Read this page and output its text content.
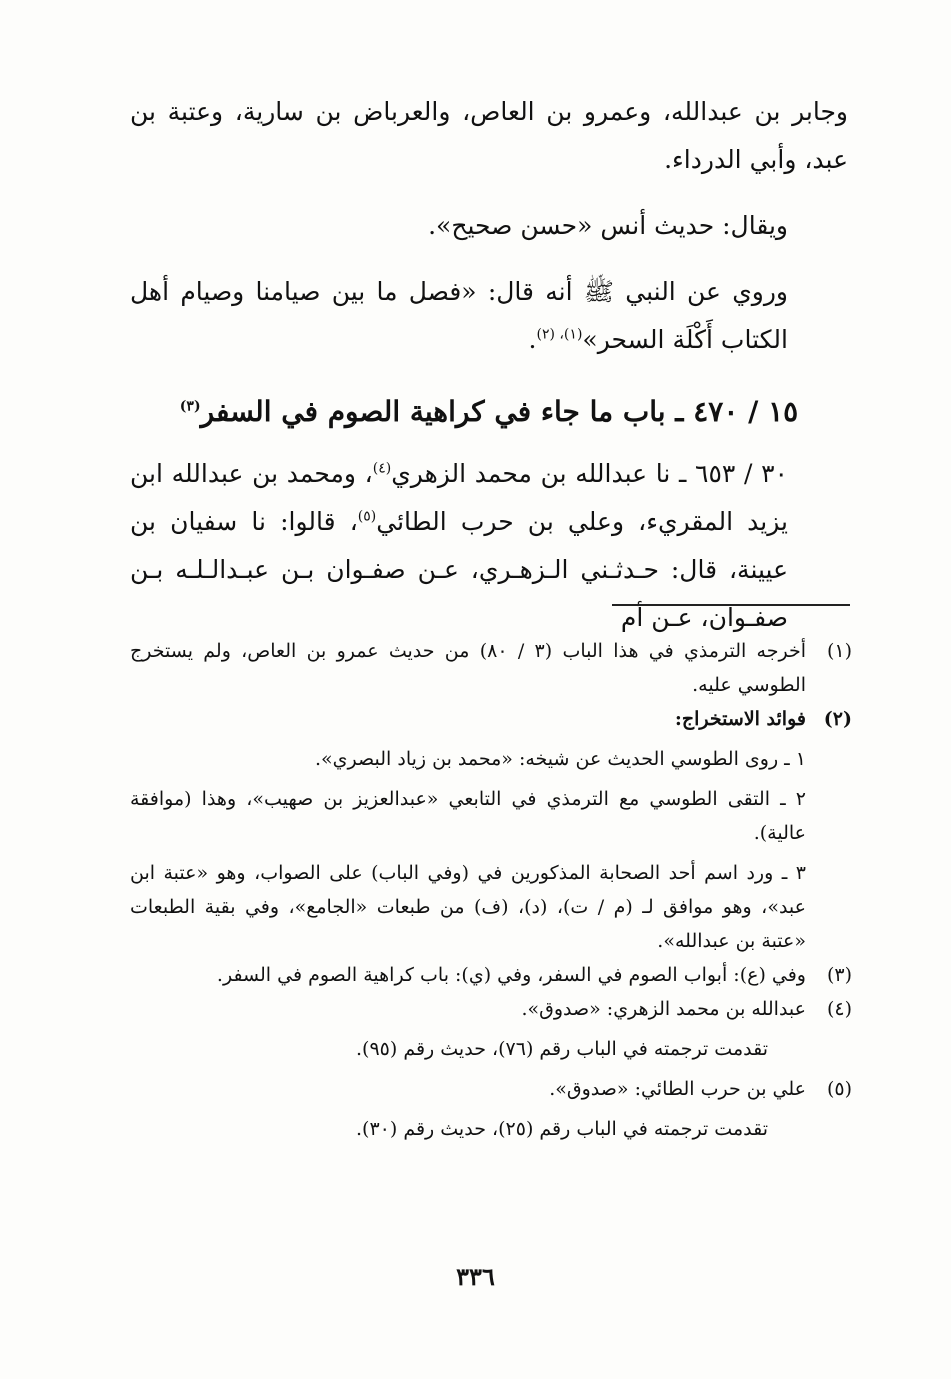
وجابر بن عبدالله، وعمرو بن العاص، والعرباض بن سارية، وعتبة بن عبد، وأبي الدرداء.

ويقال: حديث أنس «حسن صحيح».

وروي عن النبي ﷺ أنه قال: «فصل ما بين صيامنا وصيام أهل الكتاب أَكْلَة السحر»$^{(١)، (٢)}$.

١٥ / ٤٧٠ ـ باب ما جاء في كراهية الصوم في السفر$^{(٣)}$

٣٠ / ٦٥٣ ـ نا عبدالله بن محمد الزهري$^{(٤)}$، ومحمد بن عبدالله ابن يزيد المقريء، وعلي بن حرب الطائي$^{(٥)}$، قالوا: نا سفيان بن عيينة، قال: حـدثـني الـزهـري، عـن صفـوان بـن عبـدالـلـه بـن صفـوان، عـن أم

(١)
أخرجه الترمذي في هذا الباب (٣ / ٨٠) من حديث عمرو بن العاص، ولم يستخرج الطوسي عليه.
(٢)
فوائد الاستخراج:
١ ـ روى الطوسي الحديث عن شيخه: «محمد بن زياد البصري».
٢ ـ التقى الطوسي مع الترمذي في التابعي «عبدالعزيز بن صهيب»، وهذا (موافقة عالية).
٣ ـ ورد اسم أحد الصحابة المذكورين في (وفي الباب) على الصواب، وهو «عتبة ابن عبد»، وهو موافق لـ (م / ت)، (د)، (ف) من طبعات «الجامع»، وفي بقية الطبعات «عتبة بن عبدالله».
(٣)
وفي (ع): أبواب الصوم في السفر، وفي (ي): باب كراهية الصوم في السفر.
(٤)
عبدالله بن محمد الزهري: «صدوق».
تقدمت ترجمته في الباب رقم (٧٦)، حديث رقم (٩٥).
(٥)
علي بن حرب الطائي: «صدوق».
تقدمت ترجمته في الباب رقم (٢٥)، حديث رقم (٣٠).
٣٣٦
